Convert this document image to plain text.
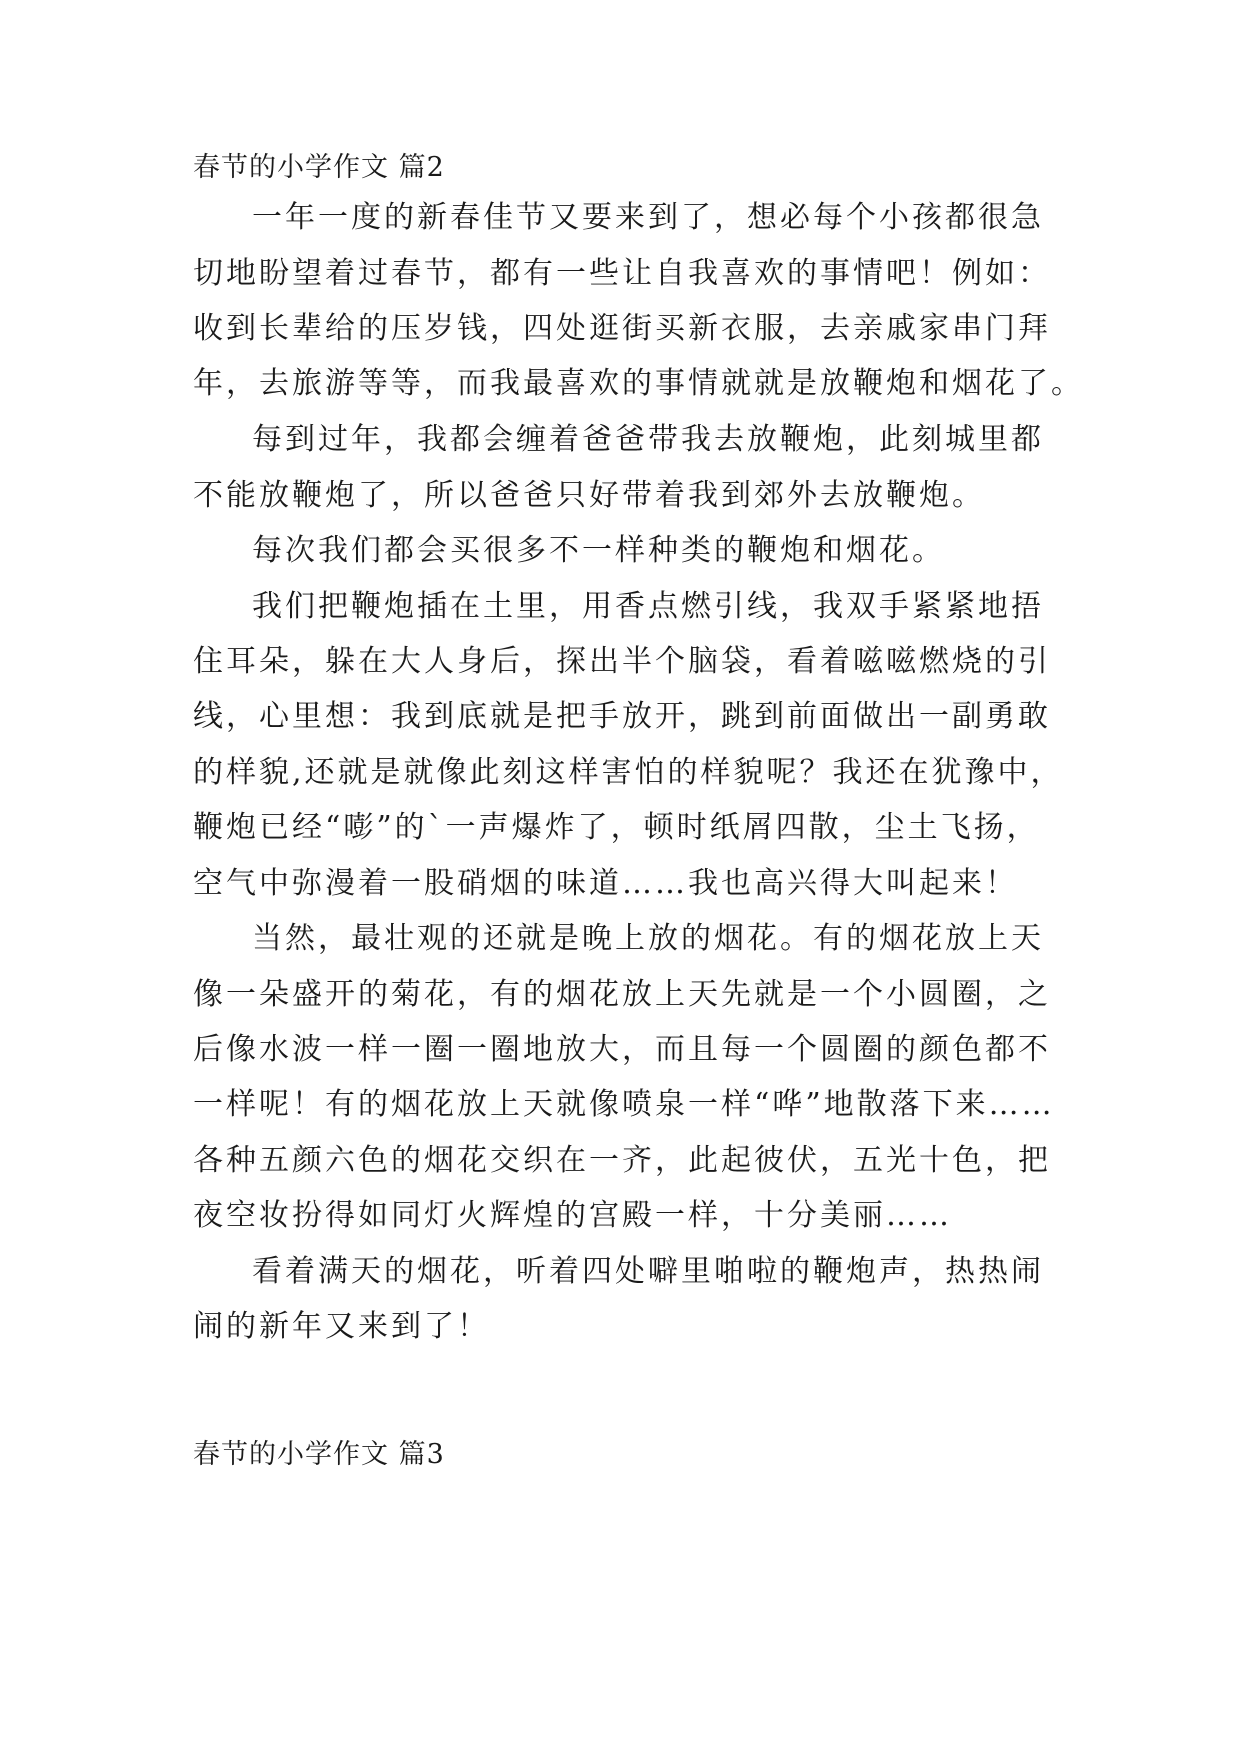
春节的小学作文 篇2
一年一度的新春佳节又要来到了，想必每个小孩都很急
切地盼望着过春节，都有一些让自我喜欢的事情吧！例如：
收到长辈给的压岁钱，四处逛街买新衣服，去亲戚家串门拜
年，去旅游等等，而我最喜欢的事情就就是放鞭炮和烟花了。
每到过年，我都会缠着爸爸带我去放鞭炮，此刻城里都
不能放鞭炮了，所以爸爸只好带着我到郊外去放鞭炮。
每次我们都会买很多不一样种类的鞭炮和烟花。
我们把鞭炮插在土里，用香点燃引线，我双手紧紧地捂
住耳朵，躲在大人身后，探出半个脑袋，看着嗞嗞燃烧的引
线，心里想：我到底就是把手放开，跳到前面做出一副勇敢
的样貌,还就是就像此刻这样害怕的样貌呢？我还在犹豫中，
鞭炮已经“嘭”的`一声爆炸了，顿时纸屑四散，尘土飞扬，
空气中弥漫着一股硝烟的味道……我也高兴得大叫起来！
当然，最壮观的还就是晚上放的烟花。有的烟花放上天
像一朵盛开的菊花，有的烟花放上天先就是一个小圆圈，之
后像水波一样一圈一圈地放大，而且每一个圆圈的颜色都不
一样呢！有的烟花放上天就像喷泉一样“哗”地散落下来……
各种五颜六色的烟花交织在一齐，此起彼伏，五光十色，把
夜空妆扮得如同灯火辉煌的宫殿一样，十分美丽……
看着满天的烟花，听着四处噼里啪啦的鞭炮声，热热闹
闹的新年又来到了！
春节的小学作文 篇3
